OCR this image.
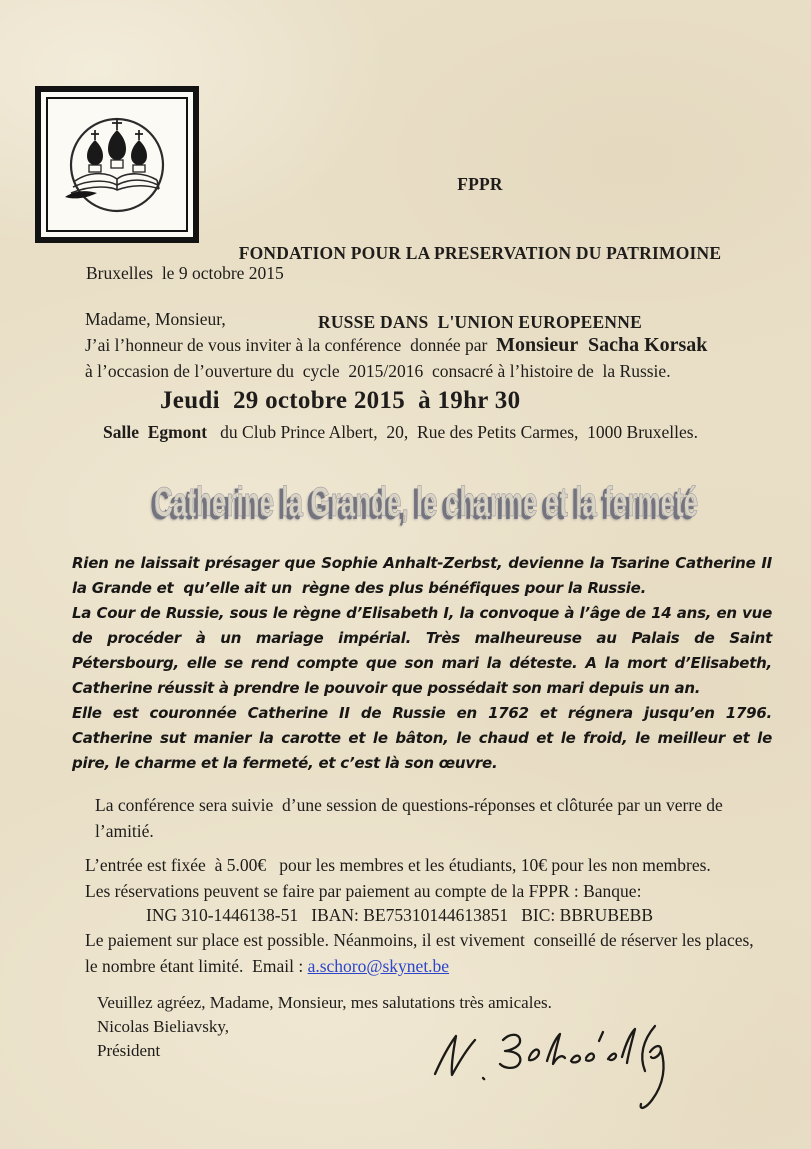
FPPR

FONDATION POUR LA PRESERVATION DU PATRIMOINE

RUSSE DANS  L'UNION EUROPEENNE

Bruxelles  le 9 octobre 2015
Madame, Monsieur,
J’ai l’honneur de vous inviter à la conférence  donnée par  Monsieur  Sacha Korsak
à l’occasion de l’ouverture du  cycle  2015/2016  consacré à l’histoire de  la Russie.
Jeudi  29 octobre 2015  à 19hr 30
Salle  Egmont   du Club Prince Albert,  20,  Rue des Petits Carmes,  1000 Bruxelles.
Catherine la Grande, le charme et la fermeté

Rien ne laissait présager que Sophie Anhalt-Zerbst, devienne la Tsarine Catherine II la Grande et  qu’elle ait un  règne des plus bénéfiques pour la Russie.

La Cour de Russie, sous le règne d’Elisabeth I, la convoque à l’âge de 14 ans, en vue de procéder à un mariage impérial. Très malheureuse au Palais de Saint Pétersbourg, elle se rend compte que son mari la déteste. A la mort d’Elisabeth, Catherine réussit à prendre le pouvoir que possédait son mari depuis un an.

Elle est couronnée Catherine II de Russie en 1762 et régnera jusqu’en 1796. Catherine sut manier la carotte et le bâton, le chaud et le froid, le meilleur et le pire, le charme et la fermeté, et c’est là son œuvre.

La conférence sera suivie  d’une session de questions-réponses et clôturée par un verre de l’amitié.
L’entrée est fixée  à 5.00€   pour les membres et les étudiants, 10€ pour les non membres.
Les réservations peuvent se faire par paiement au compte de la FPPR : Banque:
ING 310-1446138-51   IBAN: BE75310144613851   BIC: BBRUBEBB
Le paiement sur place est possible. Néanmoins, il est vivement  conseillé de réserver les places, le nombre étant limité.  Email : a.schoro@skynet.be
Veuillez agréez, Madame, Monsieur, mes salutations très amicales.
Nicolas Bieliavsky,
Président
